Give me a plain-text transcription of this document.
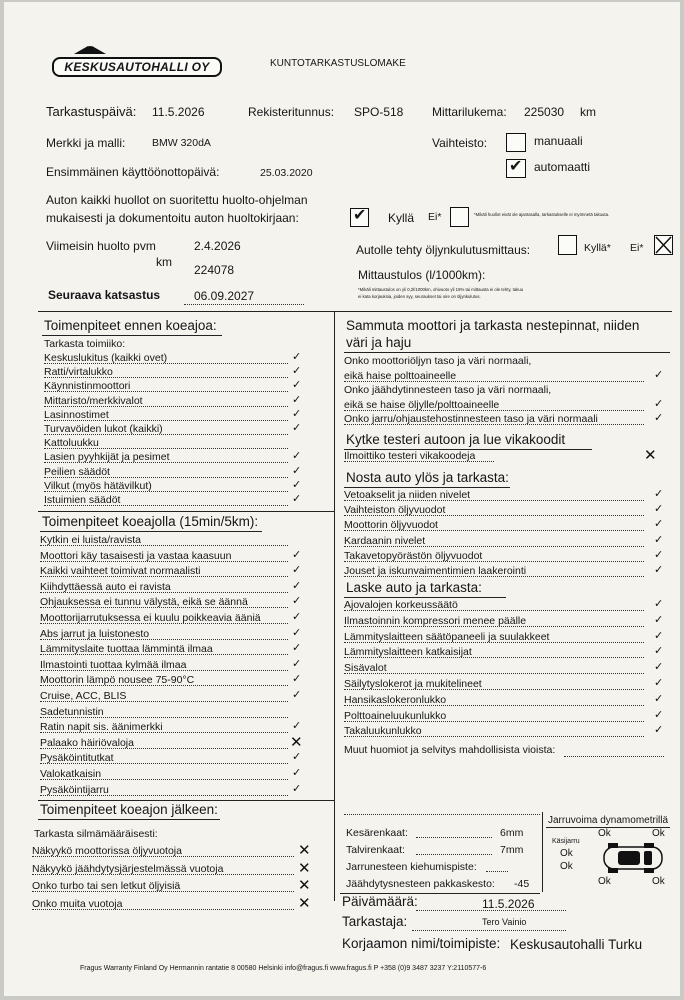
KESKUSAUTOHALLI OY	KUNTOTARKASTUSLOMAKE
Tarkastuspäivä: 11.5.2026	Rekisteritunnus: SPO-518 Mittarilukema: 225030 km
Merkki ja malli:	BMW 320dA	Vaihteisto:	manuaali
✔ automaatti
Ensimmäinen käyttöönottopäivä:	25.03.2020
Auton kaikki huollot on suoritettu huolto-ohjelman
mukaisesti ja dokumentoitu auton huoltokirjaan:	✔ Kyllä Ei*	*Mikäli huollot eivät ole ajantasalla, tarkastukselle ei myönnetä takuuta.
Viimeisin huolto pvm	2.4.2026
km
224078
Seuraava katsastus	06.09.2027
Autolle tehty öljynkulutusmittaus:	Kyllä* Ei*
Mittaustulos (l/1000km):
*Mikäli mittaustulos on yli 0,2l/1000km, ohivuoto yli 15% tai mittausta ei ole tehty, takuu
ei kata korjauksia, joiden syy, seuraukset tai oire on öljynkulutus.
Toimenpiteet ennen koeajoa:
Tarkasta toimiiko:
Keskuslukitus (kaikki ovet)	✓
Ratti/virtalukko	✓
Käynnistinmoottori	✓
Mittaristo/merkkivalot	✓
Lasinnostimet	✓
Turvavöiden lukot (kaikki)	✓
Kattoluukku
Lasien pyyhkijät ja pesimet	✓
Peilien säädöt	✓
Vilkut (myös hätävilkut)	✓
Istuimien säädöt	✓
Toimenpiteet koeajolla (15min/5km):
Kytkin ei luista/ravista
Moottori käy tasaisesti ja vastaa kaasuun	✓
Kaikki vaihteet toimivat normaalisti	✓
Kiihdyttäessä auto ei ravista	✓
Ohjauksessa ei tunnu välystä, eikä se äännä	✓
Moottorijarrutuksessa ei kuulu poikkeavia ääniä	✓
Abs jarrut ja luistonesto	✓
Lämmityslaite tuottaa lämmintä ilmaa	✓
Ilmastointi tuottaa kylmää ilmaa	✓
Moottorin lämpö nousee 75-90°C	✓
Cruise, ACC, BLIS	✓
Sadetunnistin
Ratin napit sis. äänimerkki	✓
Palaako häiriövaloja	✕
Pysäköintitutkat	✓
Valokatkaisin	✓
Pysäköintijarru	✓
Toimenpiteet koeajon jälkeen:
Tarkasta silmämääräisesti:
Näkyykö moottorissa öljyvuotoja	✕
Näkyykö jäähdytysjärjestelmässä vuotoja	✕
Onko turbo tai sen letkut öljyisiä	✕
Onko muita vuotoja	✕
Sammuta moottori ja tarkasta nestepinnat, niiden
väri ja haju
Onko moottoriöljyn taso ja väri normaali,
eikä haise polttoaineelle	✓
Onko jäähdytinnesteen taso ja väri normaali,
eikä se haise öljylle/polttoaineelle	✓
Onko jarru/ohjaustehostinnesteen taso ja väri normaali	✓
Kytke testeri autoon ja lue vikakoodit
Ilmoittiko testeri vikakoodeja	✕
Nosta auto ylös ja tarkasta:
Vetoakselit ja niiden nivelet	✓
Vaihteiston öljyvuodot	✓
Moottorin öljyvuodot	✓
Kardaanin nivelet	✓
Takavetopyörästön öljyvuodot	✓
Jouset ja iskunvaimentimien laakerointi	✓
Laske auto ja tarkasta:
Ajovalojen korkeussäätö	✓
Ilmastoinnin kompressori menee päälle	✓
Lämmityslaitteen säätöpaneeli ja suulakkeet	✓
Lämmityslaitteen katkaisijat	✓
Sisävalot	✓
Säilytyslokerot ja mukitelineet	✓
Hansikaslokeronlukko	✓
Polttoaineluukunlukko	✓
Takaluukunlukko	✓
Muut huomiot ja selvitys mahdollisista vioista:
Kesärenkaat:	6mm
Talvirenkaat:	7mm
Jarrunesteen kiehumispiste:
Jäähdytysnesteen pakkaskesto: -45
Jarruvoima dynamometrillä
Ok	Ok
Käsijarru
Ok
Ok
Ok	Ok
Päivämäärä:	11.5.2026
Tarkastaja:	Tero Vainio
Korjaamon nimi/toimipiste: Keskusautohalli Turku
Fragus Warranty Finland Oy Hermannin rantatie 8 00580 Helsinki info@fragus.fi www.fragus.fi P +358 (0)9 3487 3237 Y:2110577-6
